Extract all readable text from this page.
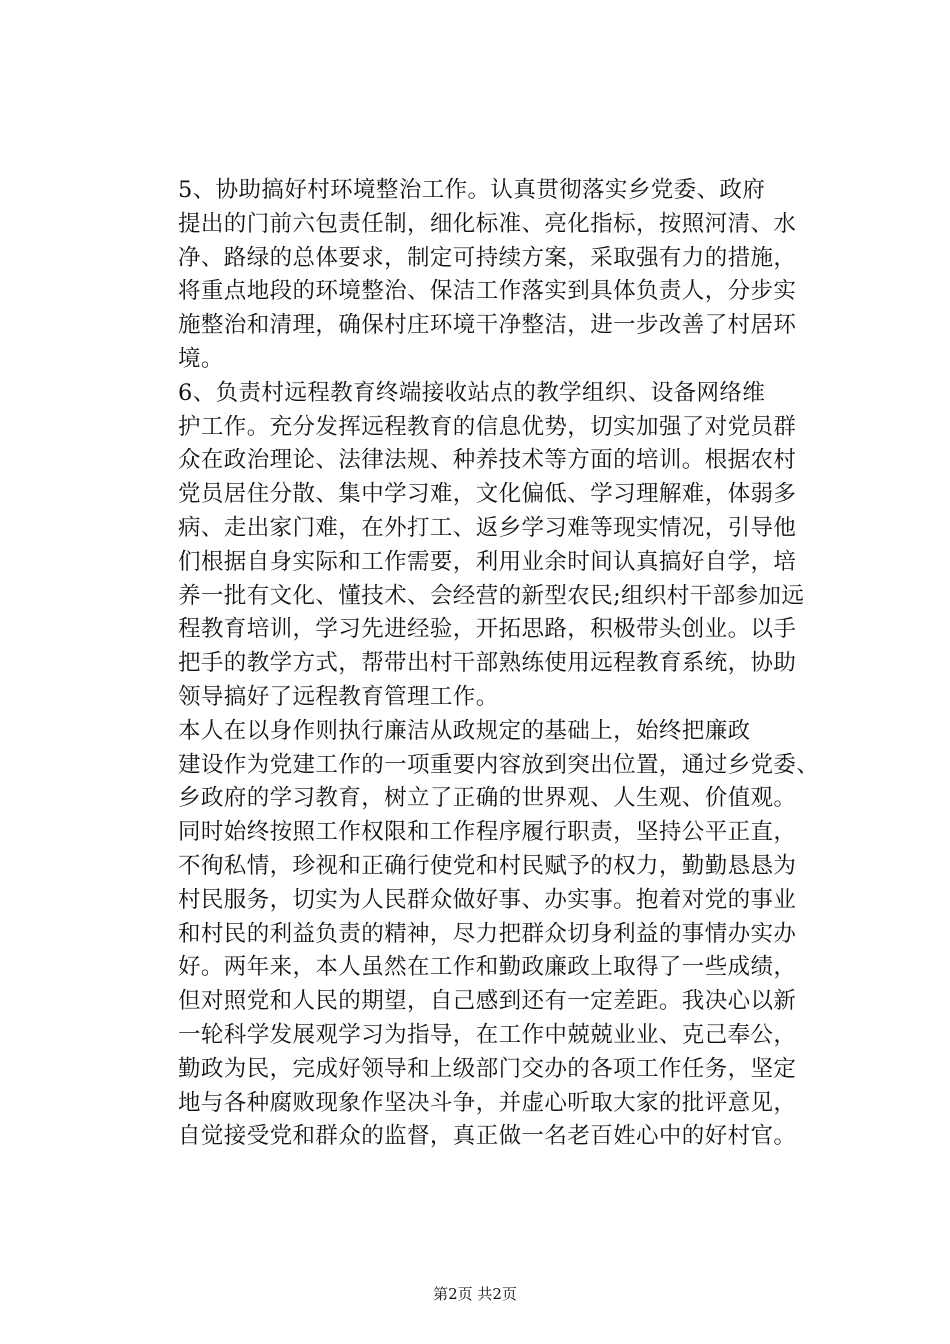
5、协助搞好村环境整治工作。认真贯彻落实乡党委、政府
提出的门前六包责任制，细化标准、亮化指标，按照河清、水
净、路绿的总体要求，制定可持续方案，采取强有力的措施，
将重点地段的环境整治、保洁工作落实到具体负责人，分步实
施整治和清理，确保村庄环境干净整洁，进一步改善了村居环
境。

6、负责村远程教育终端接收站点的教学组织、设备网络维
护工作。充分发挥远程教育的信息优势，切实加强了对党员群
众在政治理论、法律法规、种养技术等方面的培训。根据农村
党员居住分散、集中学习难，文化偏低、学习理解难，体弱多
病、走出家门难，在外打工、返乡学习难等现实情况，引导他
们根据自身实际和工作需要，利用业余时间认真搞好自学，培
养一批有文化、懂技术、会经营的新型农民;组织村干部参加远
程教育培训，学习先进经验，开拓思路，积极带头创业。以手
把手的教学方式，帮带出村干部熟练使用远程教育系统，协助
领导搞好了远程教育管理工作。

本人在以身作则执行廉洁从政规定的基础上，始终把廉政
建设作为党建工作的一项重要内容放到突出位置，通过乡党委、
乡政府的学习教育，树立了正确的世界观、人生观、价值观。
同时始终按照工作权限和工作程序履行职责，坚持公平正直，
不徇私情，珍视和正确行使党和村民赋予的权力，勤勤恳恳为
村民服务，切实为人民群众做好事、办实事。抱着对党的事业
和村民的利益负责的精神，尽力把群众切身利益的事情办实办
好。两年来，本人虽然在工作和勤政廉政上取得了一些成绩，
但对照党和人民的期望，自己感到还有一定差距。我决心以新
一轮科学发展观学习为指导，在工作中兢兢业业、克己奉公，
勤政为民，完成好领导和上级部门交办的各项工作任务，坚定
地与各种腐败现象作坚决斗争，并虚心听取大家的批评意见，
自觉接受党和群众的监督，真正做一名老百姓心中的好村官。

第2页 共2页
